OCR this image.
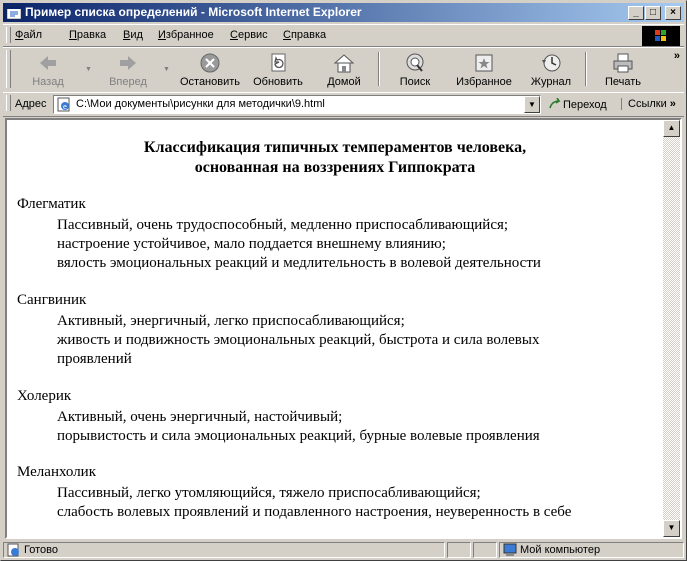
Пример списка определений - Microsoft Internet Explorer	_	□	×
Файл Правка Вид Избранное Сервис Справка
Назад
▼
Вперед
▼
Остановить	Обновить	Домой	Поиск	Избранное	Журнал	Печать
»
Адрес e C:\Мои документы\рисунки для методички\9.html	▼	Переход	Ссылки »
Классификация типичных темпераментов человека,
основанная на воззрениях Гиппократа
Флегматик
Пассивный, очень трудоспособный, медленно приспосабливающийся;
настроение устойчивое, мало поддается внешнему влиянию;
вялость эмоциональных реакций и медлительность в волевой деятельности
Сангвиник
Активный, энергичный, легко приспосабливающийся;
живость и подвижность эмоциональных реакций, быстрота и сила волевых
проявлений
Холерик
Активный, очень энергичный, настойчивый;
порывистость и сила эмоциональных реакций, бурные волевые проявления
Меланхолик
Пассивный, легко утомляющийся, тяжело приспосабливающийся;
слабость волевых проявлений и подавленного настроения, неуверенность в себе
▲
▼
Готово	Мой компьютер
